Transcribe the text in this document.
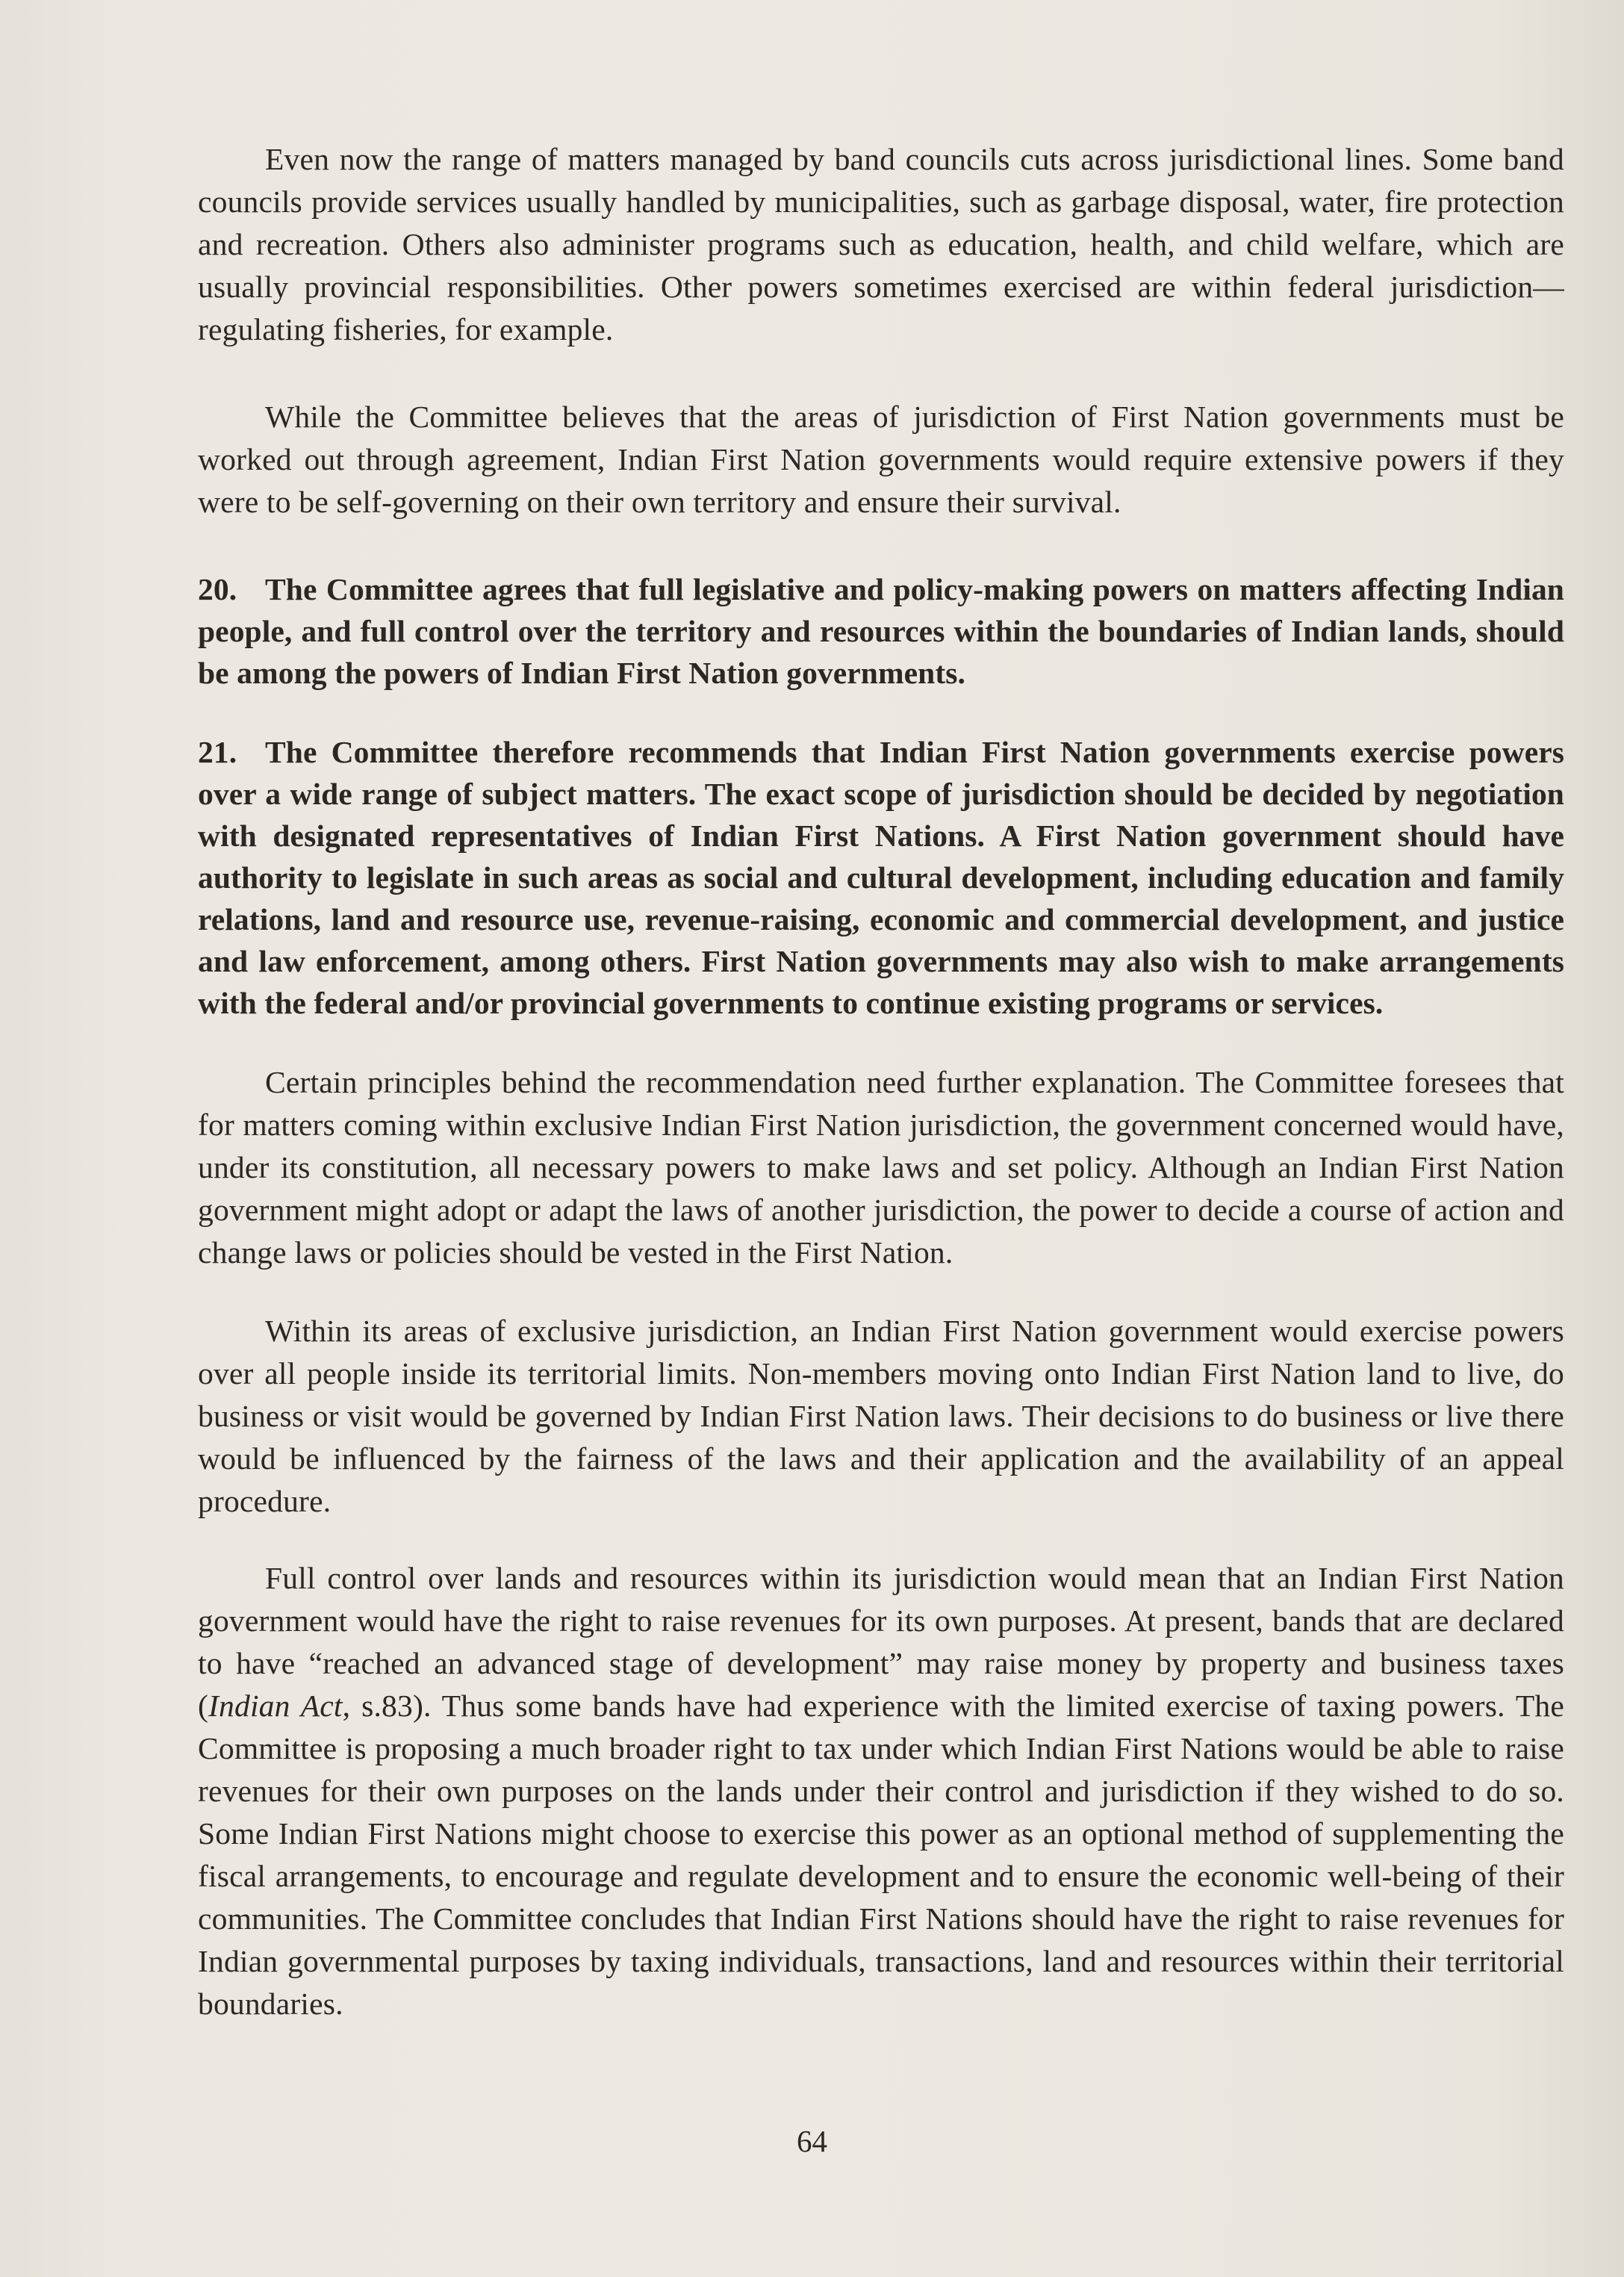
Even now the range of matters managed by band councils cuts across jurisdictional lines. Some band councils provide services usually handled by municipalities, such as garbage disposal, water, fire protection and recreation. Others also administer programs such as education, health, and child welfare, which are usually provincial responsibilities. Other powers sometimes exercised are within federal jurisdiction—regulating fisheries, for example.

While the Committee believes that the areas of jurisdiction of First Nation governments must be worked out through agreement, Indian First Nation governments would require extensive powers if they were to be self-governing on their own territory and ensure their survival.

20. The Committee agrees that full legislative and policy-making powers on matters affecting Indian people, and full control over the territory and resources within the boundaries of Indian lands, should be among the powers of Indian First Nation governments.

21. The Committee therefore recommends that Indian First Nation governments exercise powers over a wide range of subject matters. The exact scope of jurisdiction should be decided by negotiation with designated representatives of Indian First Nations. A First Nation government should have authority to legislate in such areas as social and cultural development, including education and family relations, land and resource use, revenue-raising, economic and commercial development, and justice and law enforcement, among others. First Nation governments may also wish to make arrangements with the federal and/or provincial governments to continue existing programs or services.

Certain principles behind the recommendation need further explanation. The Committee foresees that for matters coming within exclusive Indian First Nation jurisdiction, the government concerned would have, under its constitution, all necessary powers to make laws and set policy. Although an Indian First Nation government might adopt or adapt the laws of another jurisdiction, the power to decide a course of action and change laws or policies should be vested in the First Nation.

Within its areas of exclusive jurisdiction, an Indian First Nation government would exercise powers over all people inside its territorial limits. Non-members moving onto Indian First Nation land to live, do business or visit would be governed by Indian First Nation laws. Their decisions to do business or live there would be influenced by the fairness of the laws and their application and the availability of an appeal procedure.

Full control over lands and resources within its jurisdiction would mean that an Indian First Nation government would have the right to raise revenues for its own purposes. At present, bands that are declared to have “reached an advanced stage of development” may raise money by property and business taxes (Indian Act, s.83). Thus some bands have had experience with the limited exercise of taxing powers. The Committee is proposing a much broader right to tax under which Indian First Nations would be able to raise revenues for their own purposes on the lands under their control and jurisdiction if they wished to do so. Some Indian First Nations might choose to exercise this power as an optional method of supplementing the fiscal arrangements, to encourage and regulate development and to ensure the economic well-being of their communities. The Committee concludes that Indian First Nations should have the right to raise revenues for Indian governmental purposes by taxing individuals, transactions, land and resources within their territorial boundaries.

64
